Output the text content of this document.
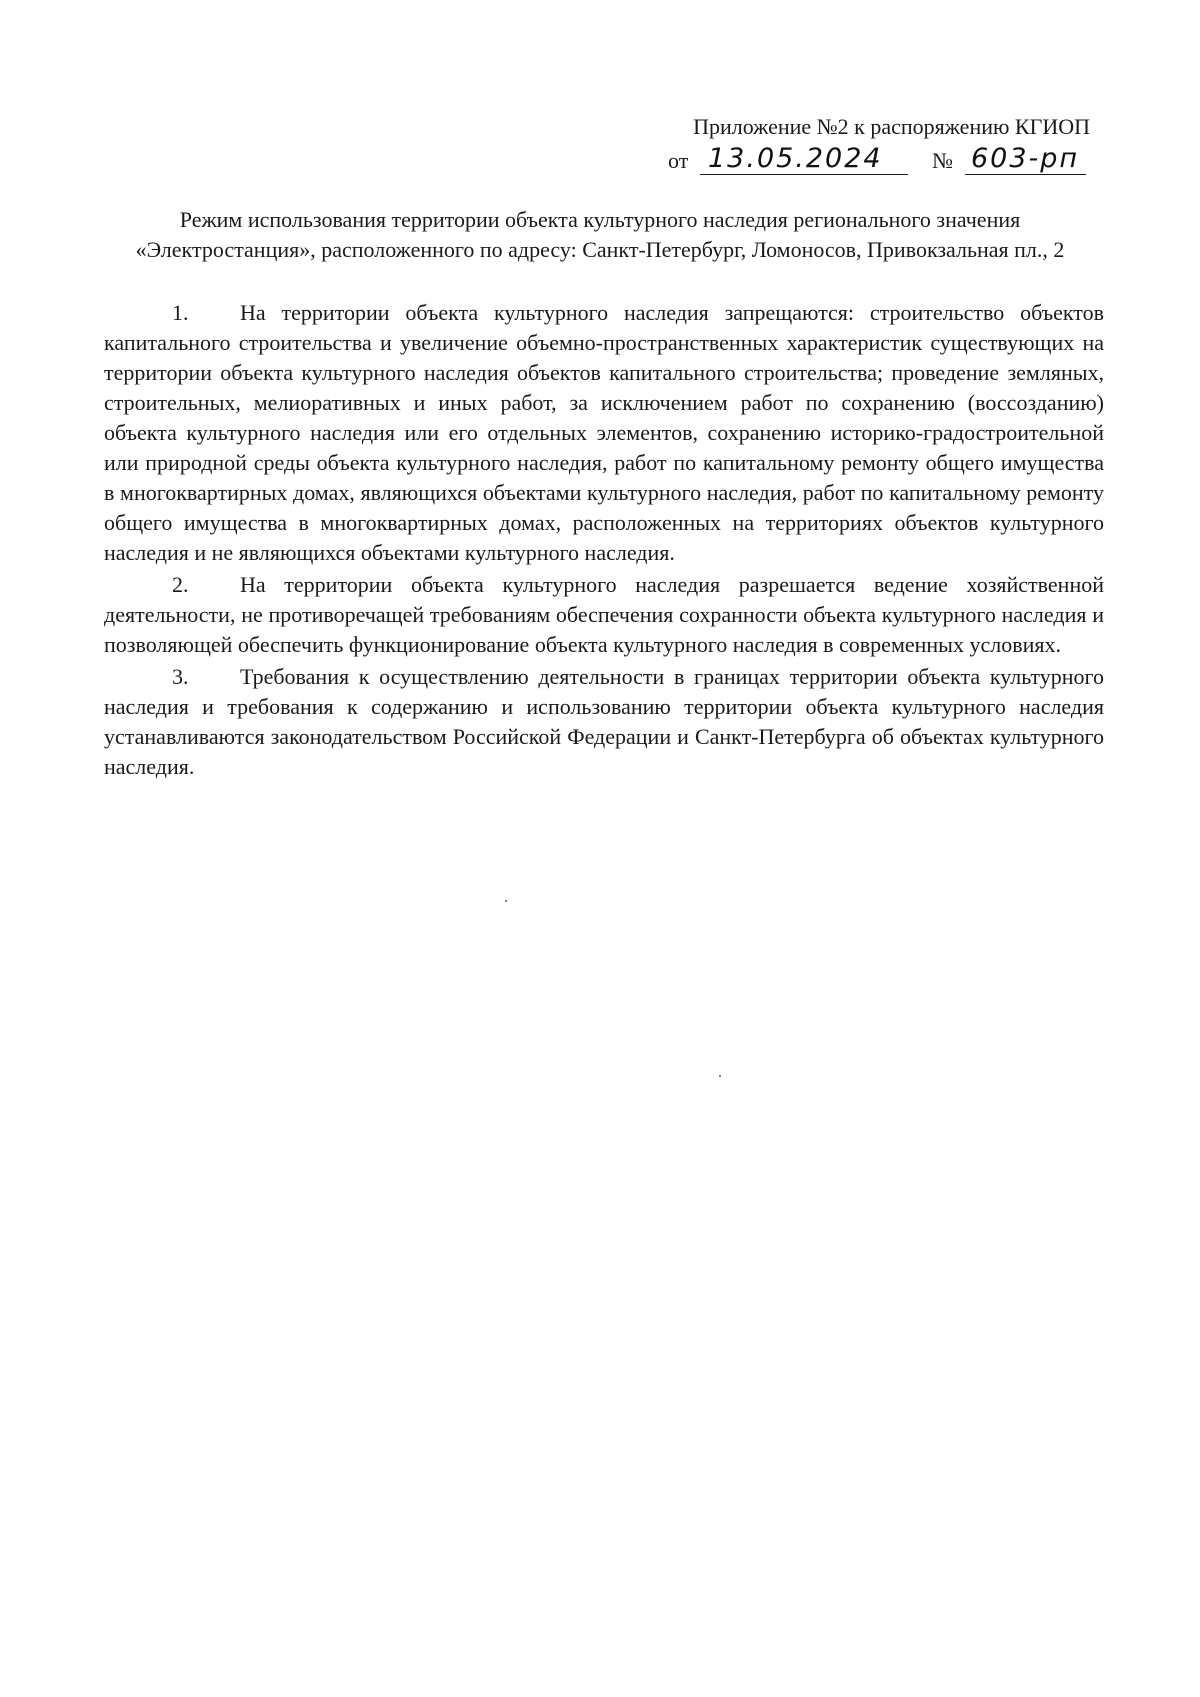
Приложение №2 к распоряжению КГИОП
от 13.05.2024	№ 603-рп
Режим использования территории объекта культурного наследия регионального значения «Электростанция», расположенного по адресу: Санкт-Петербург, Ломоносов, Привокзальная пл., 2

1. На территории объекта культурного наследия запрещаются: строительство объектов капитального строительства и увеличение объемно-пространственных характеристик существующих на территории объекта культурного наследия объектов капитального строительства; проведение земляных, строительных, мелиоративных и иных работ, за исключением работ по сохранению (воссозданию) объекта культурного наследия или его отдельных элементов, сохранению историко-градостроительной или природной среды объекта культурного наследия, работ по капитальному ремонту общего имущества в многоквартирных домах, являющихся объектами культурного наследия, работ по капитальному ремонту общего имущества в многоквартирных домах, расположенных на территориях объектов культурного наследия и не являющихся объектами культурного наследия.

2. На территории объекта культурного наследия разрешается ведение хозяйственной деятельности, не противоречащей требованиям обеспечения сохранности объекта культурного наследия и позволяющей обеспечить функционирование объекта культурного наследия в современных условиях.

3. Требования к осуществлению деятельности в границах территории объекта культурного наследия и требования к содержанию и использованию территории объекта культурного наследия устанавливаются законодательством Российской Федерации и Санкт-Петербурга об объектах культурного наследия.
